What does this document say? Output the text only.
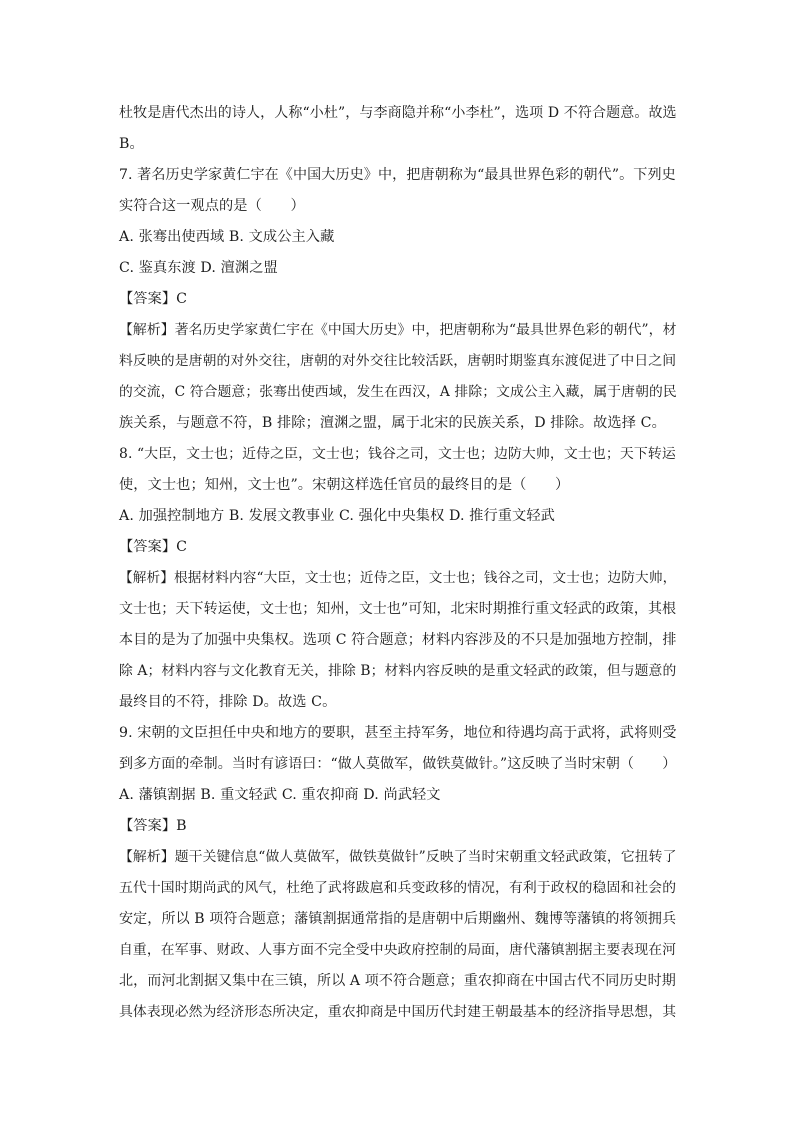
杜牧是唐代杰出的诗人，人称“小杜”，与李商隐并称“小李杜”，选项 D 不符合题意。故选
B。
7. 著名历史学家黄仁宇在《中国大历史》中，把唐朝称为“最具世界色彩的朝代”。下列史
实符合这一观点的是（　　）
A. 张骞出使西域 B. 文成公主入藏
C. 鉴真东渡 D. 澶渊之盟
【答案】C
【解析】著名历史学家黄仁宇在《中国大历史》中，把唐朝称为“最具世界色彩的朝代”，材
料反映的是唐朝的对外交往，唐朝的对外交往比较活跃，唐朝时期鉴真东渡促进了中日之间
的交流，C 符合题意；张骞出使西域，发生在西汉，A 排除；文成公主入藏，属于唐朝的民
族关系，与题意不符，B 排除；澶渊之盟，属于北宋的民族关系，D 排除。故选择 C。
8. “大臣，文士也；近侍之臣，文士也；钱谷之司，文士也；边防大帅，文士也；天下转运
使，文士也；知州，文士也”。宋朝这样选任官员的最终目的是（　　）
A. 加强控制地方 B. 发展文教事业 C. 强化中央集权 D. 推行重文轻武
【答案】C
【解析】根据材料内容“大臣，文士也；近侍之臣，文士也；钱谷之司，文士也；边防大帅，
文士也；天下转运使，文士也；知州，文士也”可知，北宋时期推行重文轻武的政策，其根
本目的是为了加强中央集权。选项 C 符合题意；材料内容涉及的不只是加强地方控制，排
除 A；材料内容与文化教育无关，排除 B；材料内容反映的是重文轻武的政策，但与题意的
最终目的不符，排除 D。故选 C。
9. 宋朝的文臣担任中央和地方的要职，甚至主持军务，地位和待遇均高于武将，武将则受
到多方面的牵制。当时有谚语曰：“做人莫做军，做铁莫做针。”这反映了当时宋朝（　　）
A. 藩镇割据 B. 重文轻武 C. 重农抑商 D. 尚武轻文
【答案】B
【解析】题干关键信息“做人莫做军，做铁莫做针”反映了当时宋朝重文轻武政策，它扭转了
五代十国时期尚武的风气，杜绝了武将跋扈和兵变政移的情况，有利于政权的稳固和社会的
安定，所以 B 项符合题意；藩镇割据通常指的是唐朝中后期幽州、魏博等藩镇的将领拥兵
自重，在军事、财政、人事方面不完全受中央政府控制的局面，唐代藩镇割据主要表现在河
北，而河北割据又集中在三镇，所以 A 项不符合题意；重农抑商在中国古代不同历史时期
具体表现必然为经济形态所决定，重农抑商是中国历代封建王朝最基本的经济指导思想，其
